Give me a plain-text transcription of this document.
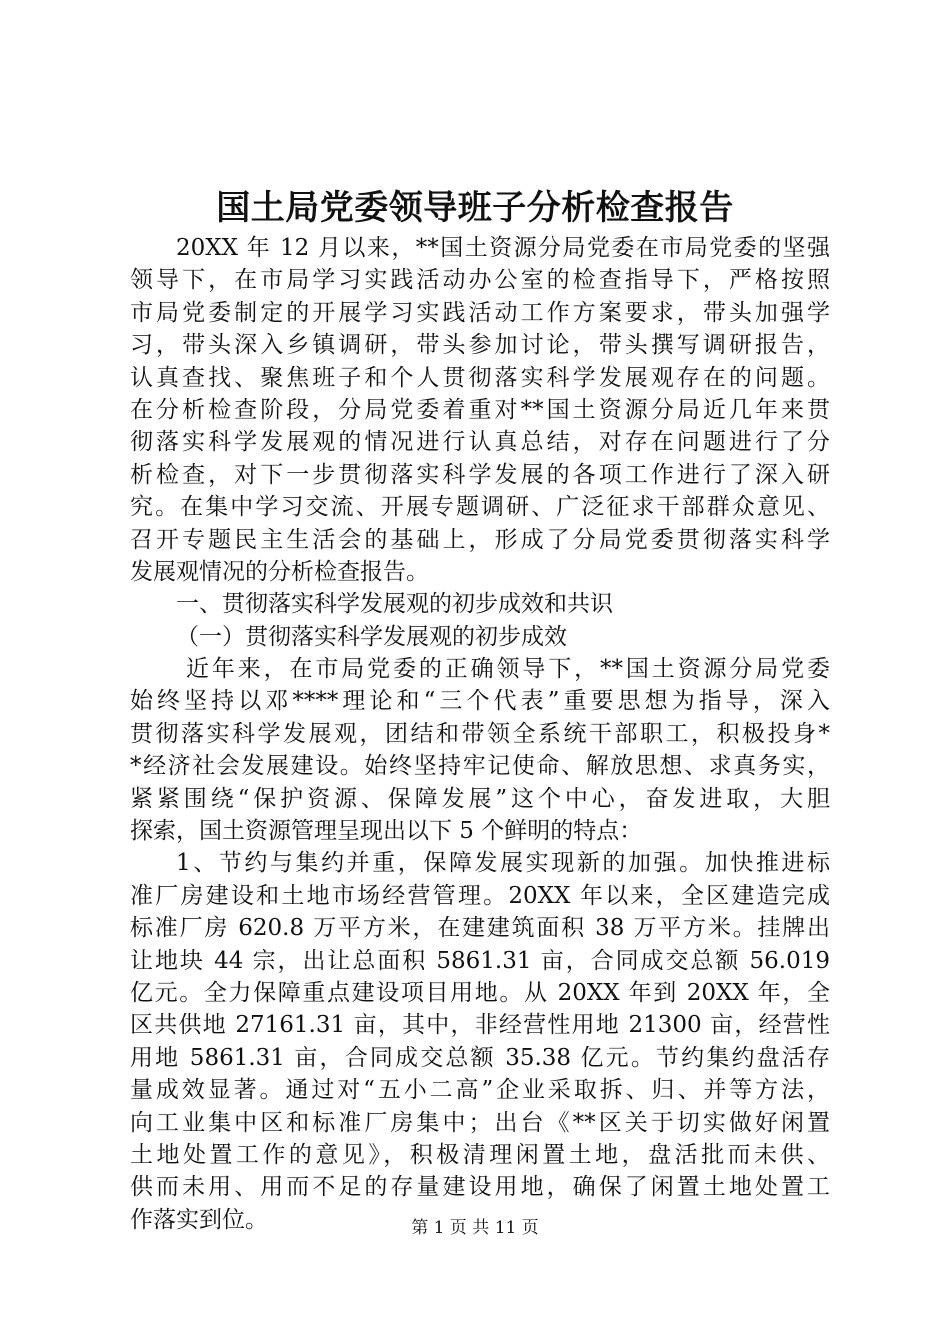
国土局党委领导班子分析检查报告
20XX 年 12 月以来，**国土资源分局党委在市局党委的坚强
领导下，在市局学习实践活动办公室的检查指导下，严格按照
市局党委制定的开展学习实践活动工作方案要求，带头加强学
习，带头深入乡镇调研，带头参加讨论，带头撰写调研报告，
认真查找、聚焦班子和个人贯彻落实科学发展观存在的问题。
在分析检查阶段，分局党委着重对**国土资源分局近几年来贯
彻落实科学发展观的情况进行认真总结，对存在问题进行了分
析检查，对下一步贯彻落实科学发展的各项工作进行了深入研
究。在集中学习交流、开展专题调研、广泛征求干部群众意见、
召开专题民主生活会的基础上，形成了分局党委贯彻落实科学
发展观情况的分析检查报告。
一、贯彻落实科学发展观的初步成效和共识
（一）贯彻落实科学发展观的初步成效
近年来，在市局党委的正确领导下，**国土资源分局党委
始终坚持以邓****理论和“三个代表”重要思想为指导，深入
贯彻落实科学发展观，团结和带领全系统干部职工，积极投身*
*经济社会发展建设。始终坚持牢记使命、解放思想、求真务实，
紧紧围绕“保护资源、保障发展”这个中心，奋发进取，大胆
探索，国土资源管理呈现出以下 5 个鲜明的特点：
1、节约与集约并重，保障发展实现新的加强。加快推进标
准厂房建设和土地市场经营管理。20XX 年以来，全区建造完成
标准厂房 620.8 万平方米，在建建筑面积 38 万平方米。挂牌出
让地块 44 宗，出让总面积 5861.31 亩，合同成交总额 56.019
亿元。全力保障重点建设项目用地。从 20XX 年到 20XX 年，全
区共供地 27161.31 亩，其中，非经营性用地 21300 亩，经营性
用地 5861.31 亩，合同成交总额 35.38 亿元。节约集约盘活存
量成效显著。通过对“五小二高”企业采取拆、归、并等方法，
向工业集中区和标准厂房集中；出台《**区关于切实做好闲置
土地处置工作的意见》，积极清理闲置土地，盘活批而未供、
供而未用、用而不足的存量建设用地，确保了闲置土地处置工
作落实到位。	第 1 页 共 11 页
